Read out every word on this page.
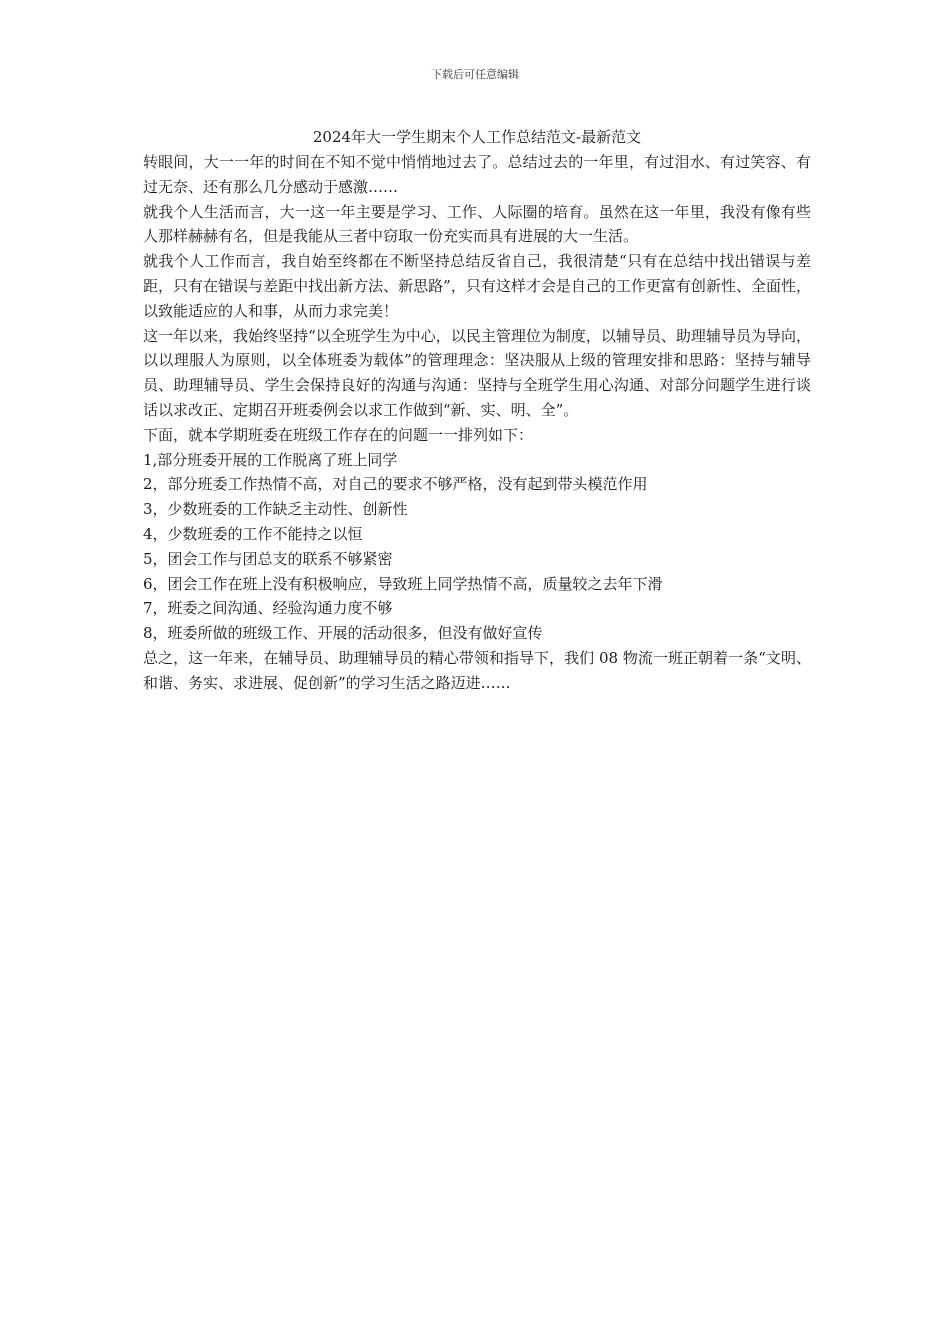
下载后可任意编辑
2024年大一学生期末个人工作总结范文-最新范文

转眼间，大一一年的时间在不知不觉中悄悄地过去了。总结过去的一年里，有过泪水、有过笑容、有过无奈、还有那么几分感动于感激……

就我个人生活而言，大一这一年主要是学习、工作、人际圈的培育。虽然在这一年里，我没有像有些人那样赫赫有名，但是我能从三者中窃取一份充实而具有进展的大一生活。

就我个人工作而言，我自始至终都在不断坚持总结反省自己，我很清楚“只有在总结中找出错误与差距，只有在错误与差距中找出新方法、新思路”，只有这样才会是自己的工作更富有创新性、全面性，以致能适应的人和事，从而力求完美！

这一年以来，我始终坚持“以全班学生为中心，以民主管理位为制度，以辅导员、助理辅导员为导向，以以理服人为原则，以全体班委为载体”的管理理念：坚决服从上级的管理安排和思路：坚持与辅导员、助理辅导员、学生会保持良好的沟通与沟通：坚持与全班学生用心沟通、对部分问题学生进行谈话以求改正、定期召开班委例会以求工作做到“新、实、明、全”。

下面，就本学期班委在班级工作存在的问题一一排列如下：

1,部分班委开展的工作脱离了班上同学

2，部分班委工作热情不高，对自己的要求不够严格，没有起到带头模范作用

3，少数班委的工作缺乏主动性、创新性

4，少数班委的工作不能持之以恒

5，团会工作与团总支的联系不够紧密

6，团会工作在班上没有积极响应，导致班上同学热情不高，质量较之去年下滑

7，班委之间沟通、经验沟通力度不够

8，班委所做的班级工作、开展的活动很多，但没有做好宣传

总之，这一年来，在辅导员、助理辅导员的精心带领和指导下，我们 08 物流一班正朝着一条“文明、和谐、务实、求进展、促创新”的学习生活之路迈进……
